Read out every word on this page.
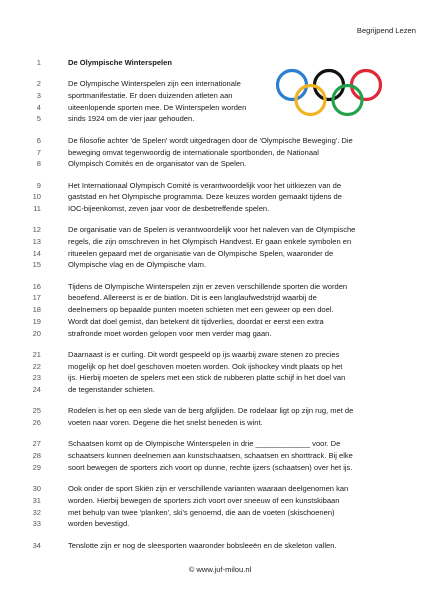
Begrijpend Lezen
1	De Olympische Winterspelen
2	De Olympische Winterspelen zijn een internationale
3	sportmanifestatie. Er doen duizenden atleten aan
4	uiteenlopende sporten mee. De Winterspelen worden
5	sinds 1924 om de vier jaar gehouden.
6	De filosofie achter 'de Spelen' wordt uitgedragen door de 'Olympische Beweging'. Die
7	beweging omvat tegenwoordig de internationale sportbonden, de Nationaal
8	Olympisch Comités en de organisator van de Spelen.
9	Het Internationaal Olympisch Comité is verantwoordelijk voor het uitkiezen van de
10	gaststad en het Olympische programma. Deze keuzes worden gemaakt tijdens de
11	IOC-bijeenkomst, zeven jaar voor de desbetreffende spelen.
12	De organisatie van de Spelen is verantwoordelijk voor het naleven van de Olympische
13	regels, die zijn omschreven in het Olympisch Handvest. Er gaan enkele symbolen en
14	ritueelen gepaard met de organisatie van de Olympische Spelen, waaronder de
15	Olympische vlag en de Olympische vlam.
16	Tijdens de Olympische Winterspelen zijn er zeven verschillende sporten die worden
17	beoefend. Allereerst is er de biatlon. Dit is een langlaufwedstrijd waarbij de
18	deelnemers op bepaalde punten moeten schieten met een geweer op een doel.
19	Wordt dat doel gemist, dan betekent dit tijdverlies, doordat er eerst een extra
20	strafronde moet worden gelopen voor men verder mag gaan.
21	Daarnaast is er curling. Dit wordt gespeeld op ijs waarbij zware stenen zo precies
22	mogelijk op het doel geschoven moeten worden. Ook ijshockey vindt plaats op het
23	ijs. Hierbij moeten de spelers met een stick de rubberen platte schijf in het doel van
24	de tegenstander schieten.
25	Rodelen is het op een slede van de berg afglijden. De rodelaar ligt op zijn rug, met de
26	voeten naar voren. Degene die het snelst beneden is wint.
27	Schaatsen komt op de Olympische Winterspelen in drie _____________ voor. De
28	schaatsers kunnen deelnemen aan kunstschaatsen, schaatsen en shorttrack. Bij elke
29	soort bewegen de sporters zich voort op dunne, rechte ijzers (schaatsen) over het ijs.
30	Ook onder de sport Skiën zijn er verschillende varianten waaraan deelgenomen kan
31	worden. Hierbij bewegen de sporters zich voort over sneeuw of een kunstskibaan
32	met behulp van twee 'planken', ski's genoemd, die aan de voeten (skischoenen)
33	worden bevestigd.
34	Tenslotte zijn er nog de sleesporten waaronder bobsleeën en de skeleton vallen.
© www.juf-milou.nl
